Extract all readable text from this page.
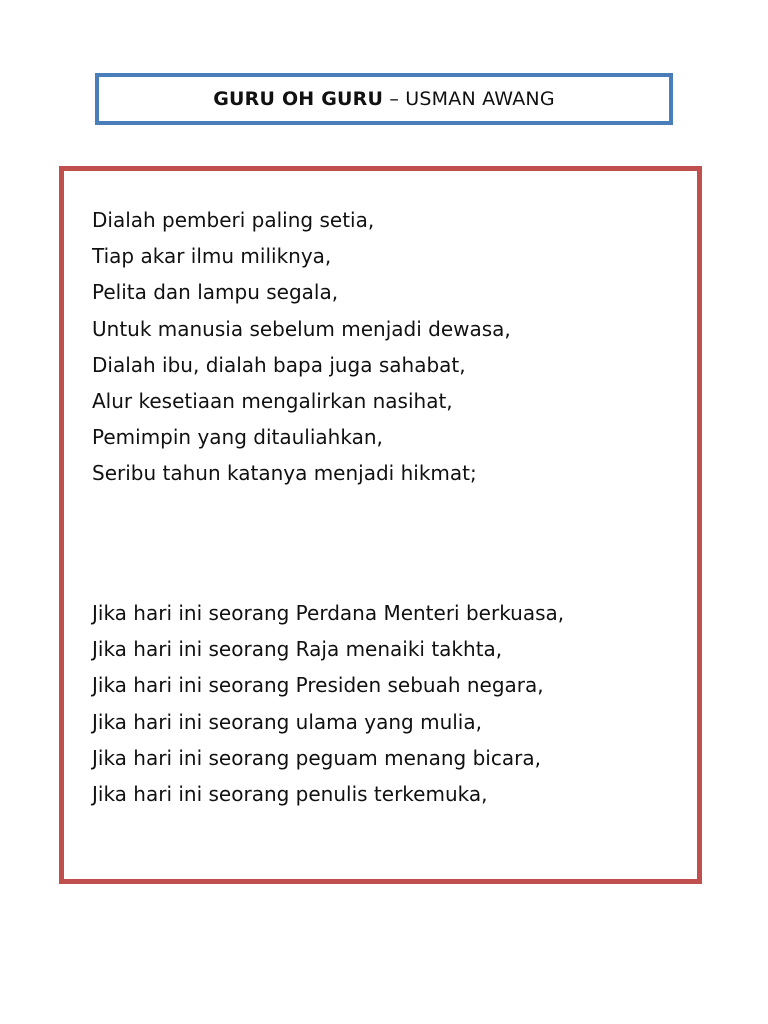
GURU OH GURU – USMAN AWANG
Dialah pemberi paling setia,
Tiap akar ilmu miliknya,
Pelita dan lampu segala,
Untuk manusia sebelum menjadi dewasa,
Dialah ibu, dialah bapa juga sahabat,
Alur kesetiaan mengalirkan nasihat,
Pemimpin yang ditauliahkan,
Seribu tahun katanya menjadi hikmat;
Jika hari ini seorang Perdana Menteri berkuasa,
Jika hari ini seorang Raja menaiki takhta,
Jika hari ini seorang Presiden sebuah negara,
Jika hari ini seorang ulama yang mulia,
Jika hari ini seorang peguam menang bicara,
Jika hari ini seorang penulis terkemuka,
